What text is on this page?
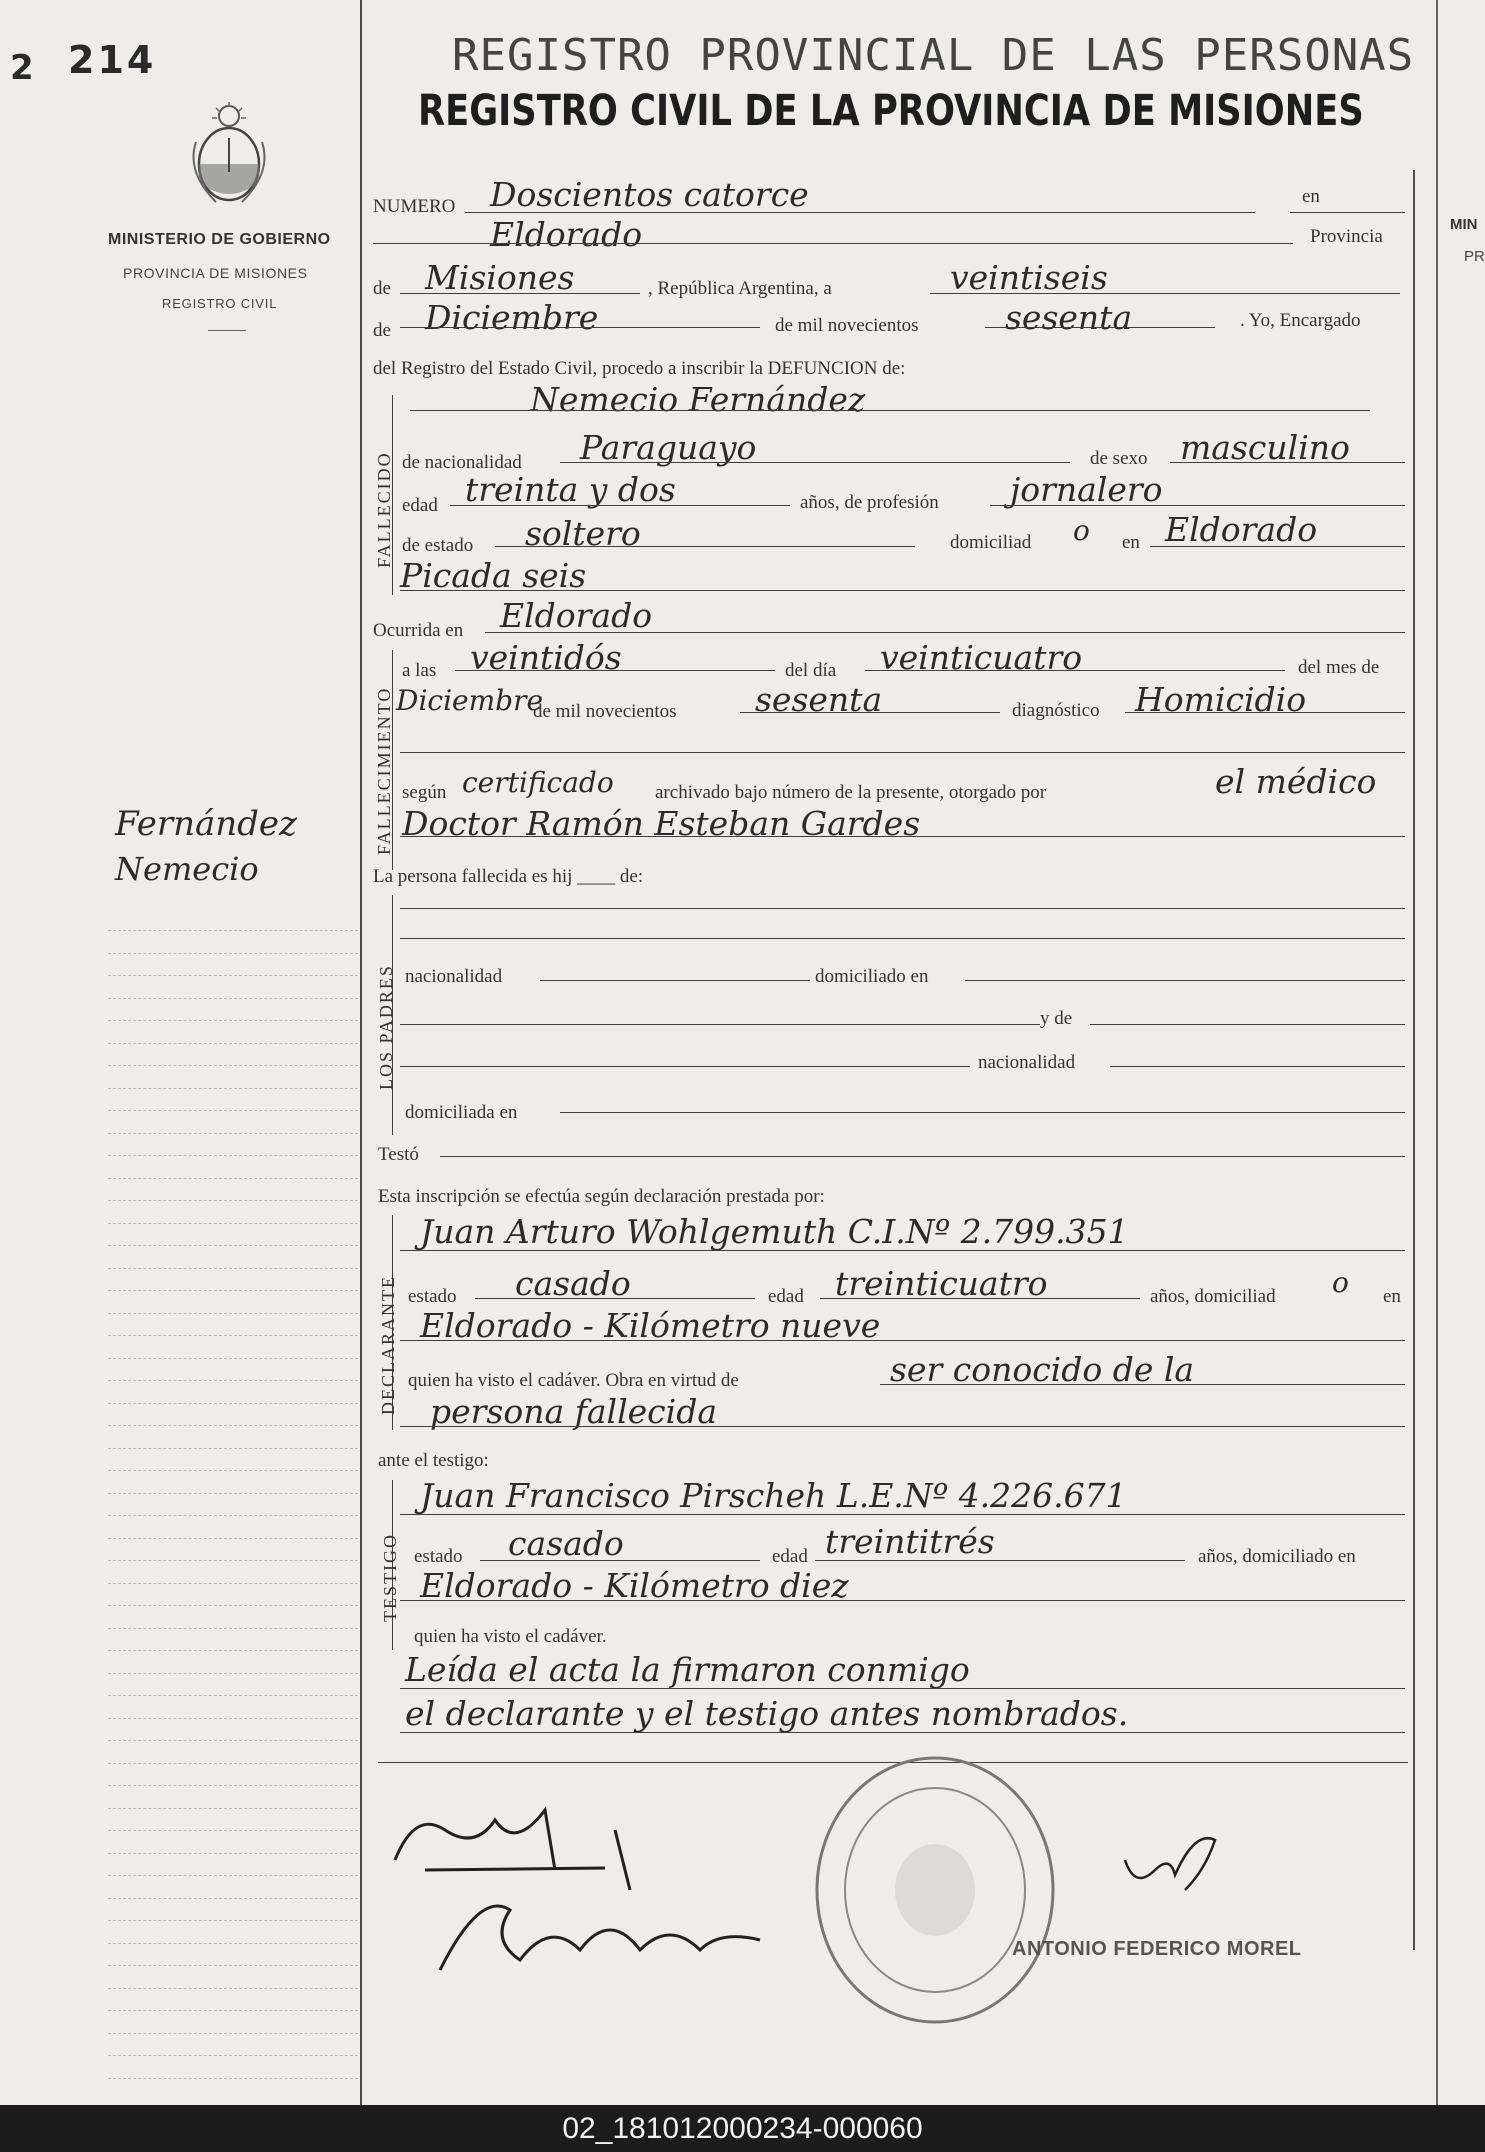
2 214
MINISTERIO DE GOBIERNO
PROVINCIA DE MISIONES
REGISTRO CIVIL
Fernández
Nemecio
MIN
PR
REGISTRO PROVINCIAL DE LAS PERSONAS
REGISTRO CIVIL DE LA PROVINCIA DE MISIONES
NUMERO Doscientos catorce	en
Eldorado	Provincia
de Misiones	, República Argentina, a	veintiseis
de Diciembre	de mil novecientos	sesenta	. Yo, Encargado
del Registro del Estado Civil, procedo a inscribir la DEFUNCION de:
FALLECIDO
Nemecio Fernández
de nacionalidad Paraguayo	de sexo masculino
edad treinta y dos	años, de profesión jornalero
de estado soltero	domiciliad o en Eldorado
Picada seis
Ocurrida en Eldorado
FALLECIMIENTO
a las veintidós	del día veinticuatro	del mes de
Diciembre
de mil novecientos sesenta	diagnóstico Homicidio
según certificado archivado bajo número de la presente, otorgado por	el médico
Doctor Ramón Esteban Gardes
La persona fallecida es hij ____ de:
LOS PADRES nacionalidad	domiciliado en
y de
nacionalidad
domiciliada en
Testó
Esta inscripción se efectúa según declaración prestada por:
DECLARANTE
Juan Arturo Wohlgemuth C.I.Nº 2.799.351
estado casado	edad treinticuatro	años, domiciliad o en
Eldorado - Kilómetro nueve
quien ha visto el cadáver. Obra en virtud de	ser conocido de la
persona fallecida
ante el testigo:
TESTIGO
Juan Francisco Pirscheh L.E.Nº 4.226.671
estado casado	edad treintitrés	años, domiciliado en
Eldorado - Kilómetro diez
quien ha visto el cadáver.
Leída el acta la firmaron conmigo
el declarante y el testigo antes nombrados.
ANTONIO FEDERICO MOREL
02_181012000234-000060
